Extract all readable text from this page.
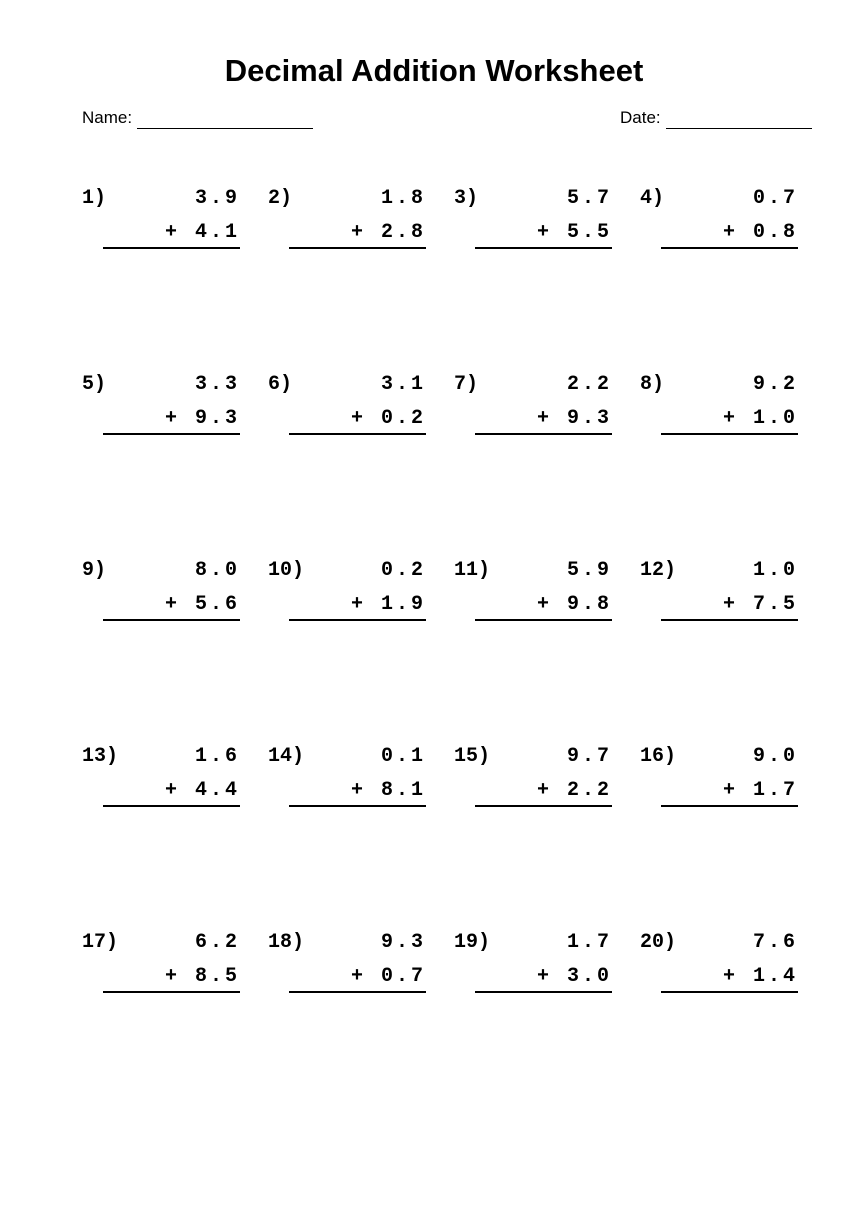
Decimal Addition Worksheet
Name:	Date:
1)	3.9
+ 4.1
2)	1.8
+ 2.8
3)	5.7
+ 5.5
4)	0.7
+ 0.8
5)	3.3
+ 9.3
6)	3.1
+ 0.2
7)	2.2
+ 9.3
8)	9.2
+ 1.0
9)	8.0
+ 5.6
10)	0.2
+ 1.9
11)	5.9
+ 9.8
12)	1.0
+ 7.5
13)	1.6
+ 4.4
14)	0.1
+ 8.1
15)	9.7
+ 2.2
16)	9.0
+ 1.7
17)	6.2
+ 8.5
18)	9.3
+ 0.7
19)	1.7
+ 3.0
20)	7.6
+ 1.4
